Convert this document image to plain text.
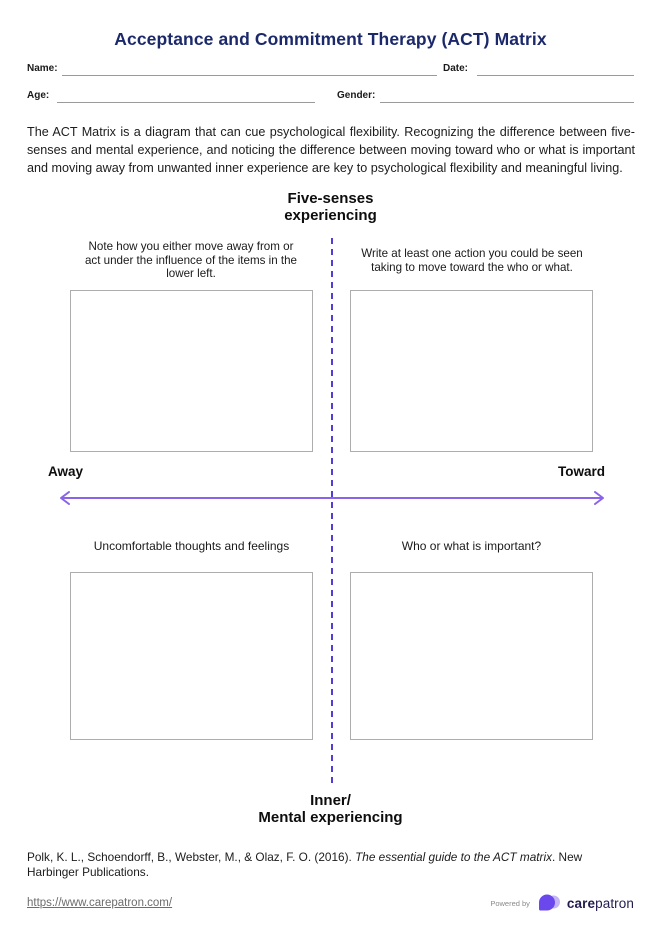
Acceptance and Commitment Therapy (ACT) Matrix
Name:	Date:
Age:	Gender:

The ACT Matrix is a diagram that can cue psychological flexibility. Recognizing the difference between five-senses and mental experience, and noticing the difference between moving toward who or what is important and moving away from unwanted inner experience are key to psychological flexibility and meaningful living.

Five-senses
experiencing
Note how you either move away from or
act under the influence of the items in the
lower left.
Write at least one action you could be seen
taking to move toward the who or what.
Away	Toward
Uncomfortable thoughts and feelings	Who or what is important?
Inner/
Mental experiencing

Polk, K. L., Schoendorff, B., Webster, M., & Olaz, F. O. (2016). The essential guide to the ACT matrix. New Harbinger Publications.

https://www.carepatron.com/	Powered by	carepatron
